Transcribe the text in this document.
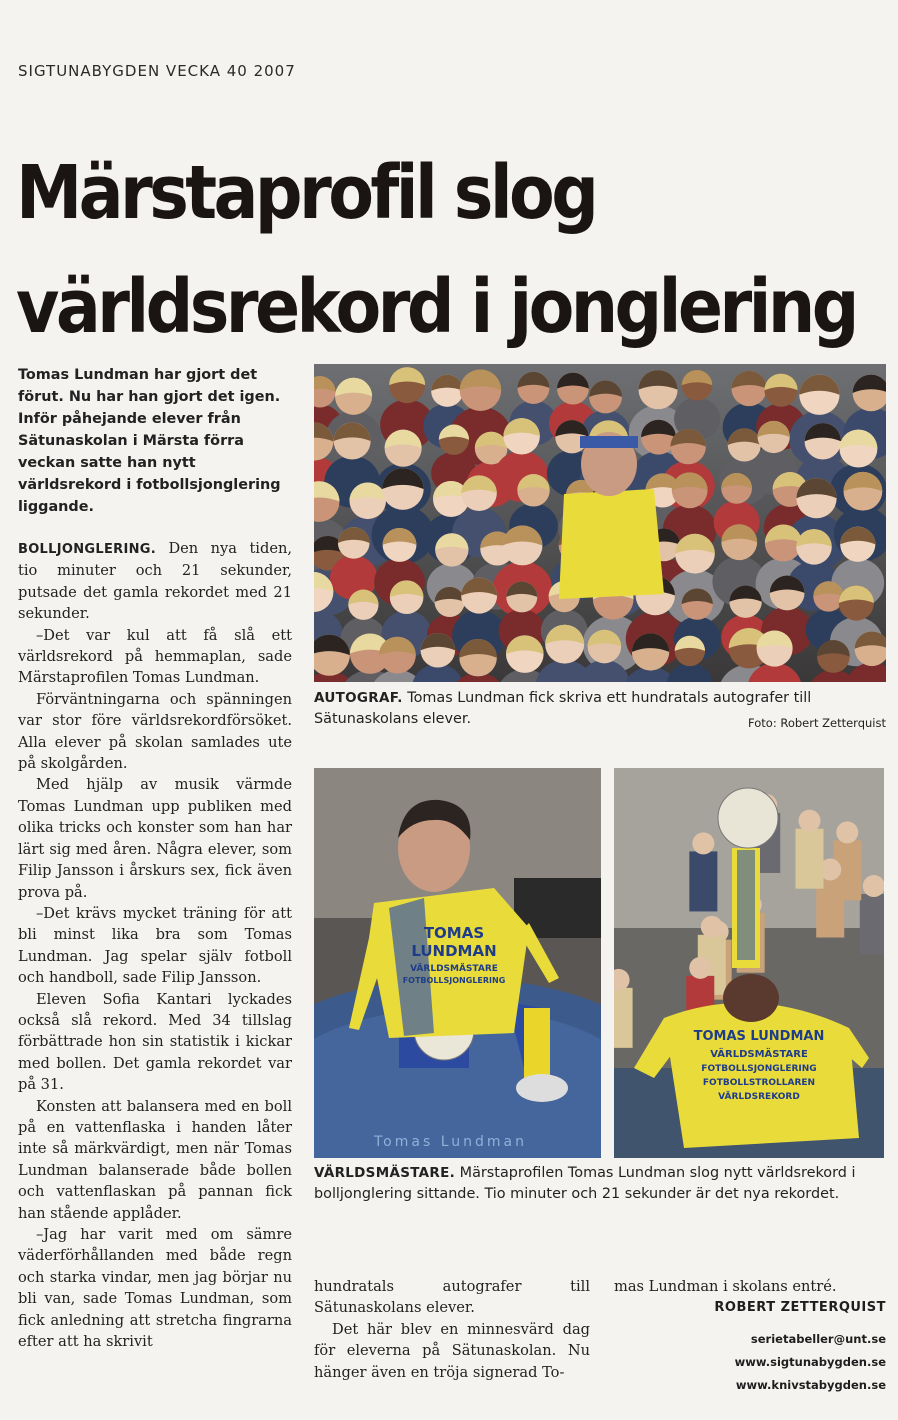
SIGTUNABYGDEN VECKA 40 2007
Märstaprofil slog
världsrekord i jonglering
Tomas Lundman har gjort det förut. Nu har han gjort det igen. Inför påhejande elever från Sätunaskolan i Märsta förra veckan satte han nytt världsrekord i fotbollsjonglering liggande.

BOLLJONGLERING. Den nya tiden, tio minuter och 21 sekunder, putsade det gamla rekordet med 21 sekunder.

–Det var kul att få slå ett världsrekord på hemmaplan, sade Märstaprofilen Tomas Lundman.

Förväntningarna och spänningen var stor före världsrekordförsöket. Alla elever på skolan samlades ute på skolgården.

Med hjälp av musik värmde Tomas Lundman upp publiken med olika tricks och konster som han har lärt sig med åren. Några elever, som Filip Jansson i årskurs sex, fick även prova på.

–Det krävs mycket träning för att bli minst lika bra som Tomas Lundman. Jag spelar själv fotboll och handboll, sade Filip Jansson.

Eleven Sofia Kantari lyckades också slå rekord. Med 34 tillslag förbättrade hon sin statistik i kickar med bollen. Det gamla rekordet var på 31.

Konsten att balansera med en boll på en vattenflaska i handen låter inte så märkvärdigt, men när Tomas Lundman balanserade både bollen och vattenflaskan på pannan fick han stående applåder.

–Jag har varit med om sämre väderförhållanden med både regn och starka vindar, men jag börjar nu bli van, sade Tomas Lundman, som fick anledning att stretcha fingrarna efter att ha skrivit

AUTOGRAF. Tomas Lundman fick skriva ett hundratals autografer till Sätunaskolans elever.	Foto: Robert Zetterquist
Tomas Lundman
TOMAS
LUNDMAN
VÄRLDSMÄSTARE
FOTBOLLSJONGLERING
TOMAS LUNDMAN
VÄRLDSMÄSTARE
FOTBOLLSJONGLERING
FOTBOLLSTROLLAREN
VÄRLDSREKORD
VÄRLDSMÄSTARE. Märstaprofilen Tomas Lundman slog nytt världsrekord i bolljonglering sittande. Tio minuter och 21 sekunder är det nya rekordet.

hundratals autografer till Sätunaskolans elever.

Det här blev en minnesvärd dag för eleverna på Sätunaskolan. Nu hänger även en tröja signerad To-

mas Lundman i skolans entré.

ROBERT ZETTERQUIST
serietabeller@unt.se
www.sigtunabygden.se
www.knivstabygden.se
